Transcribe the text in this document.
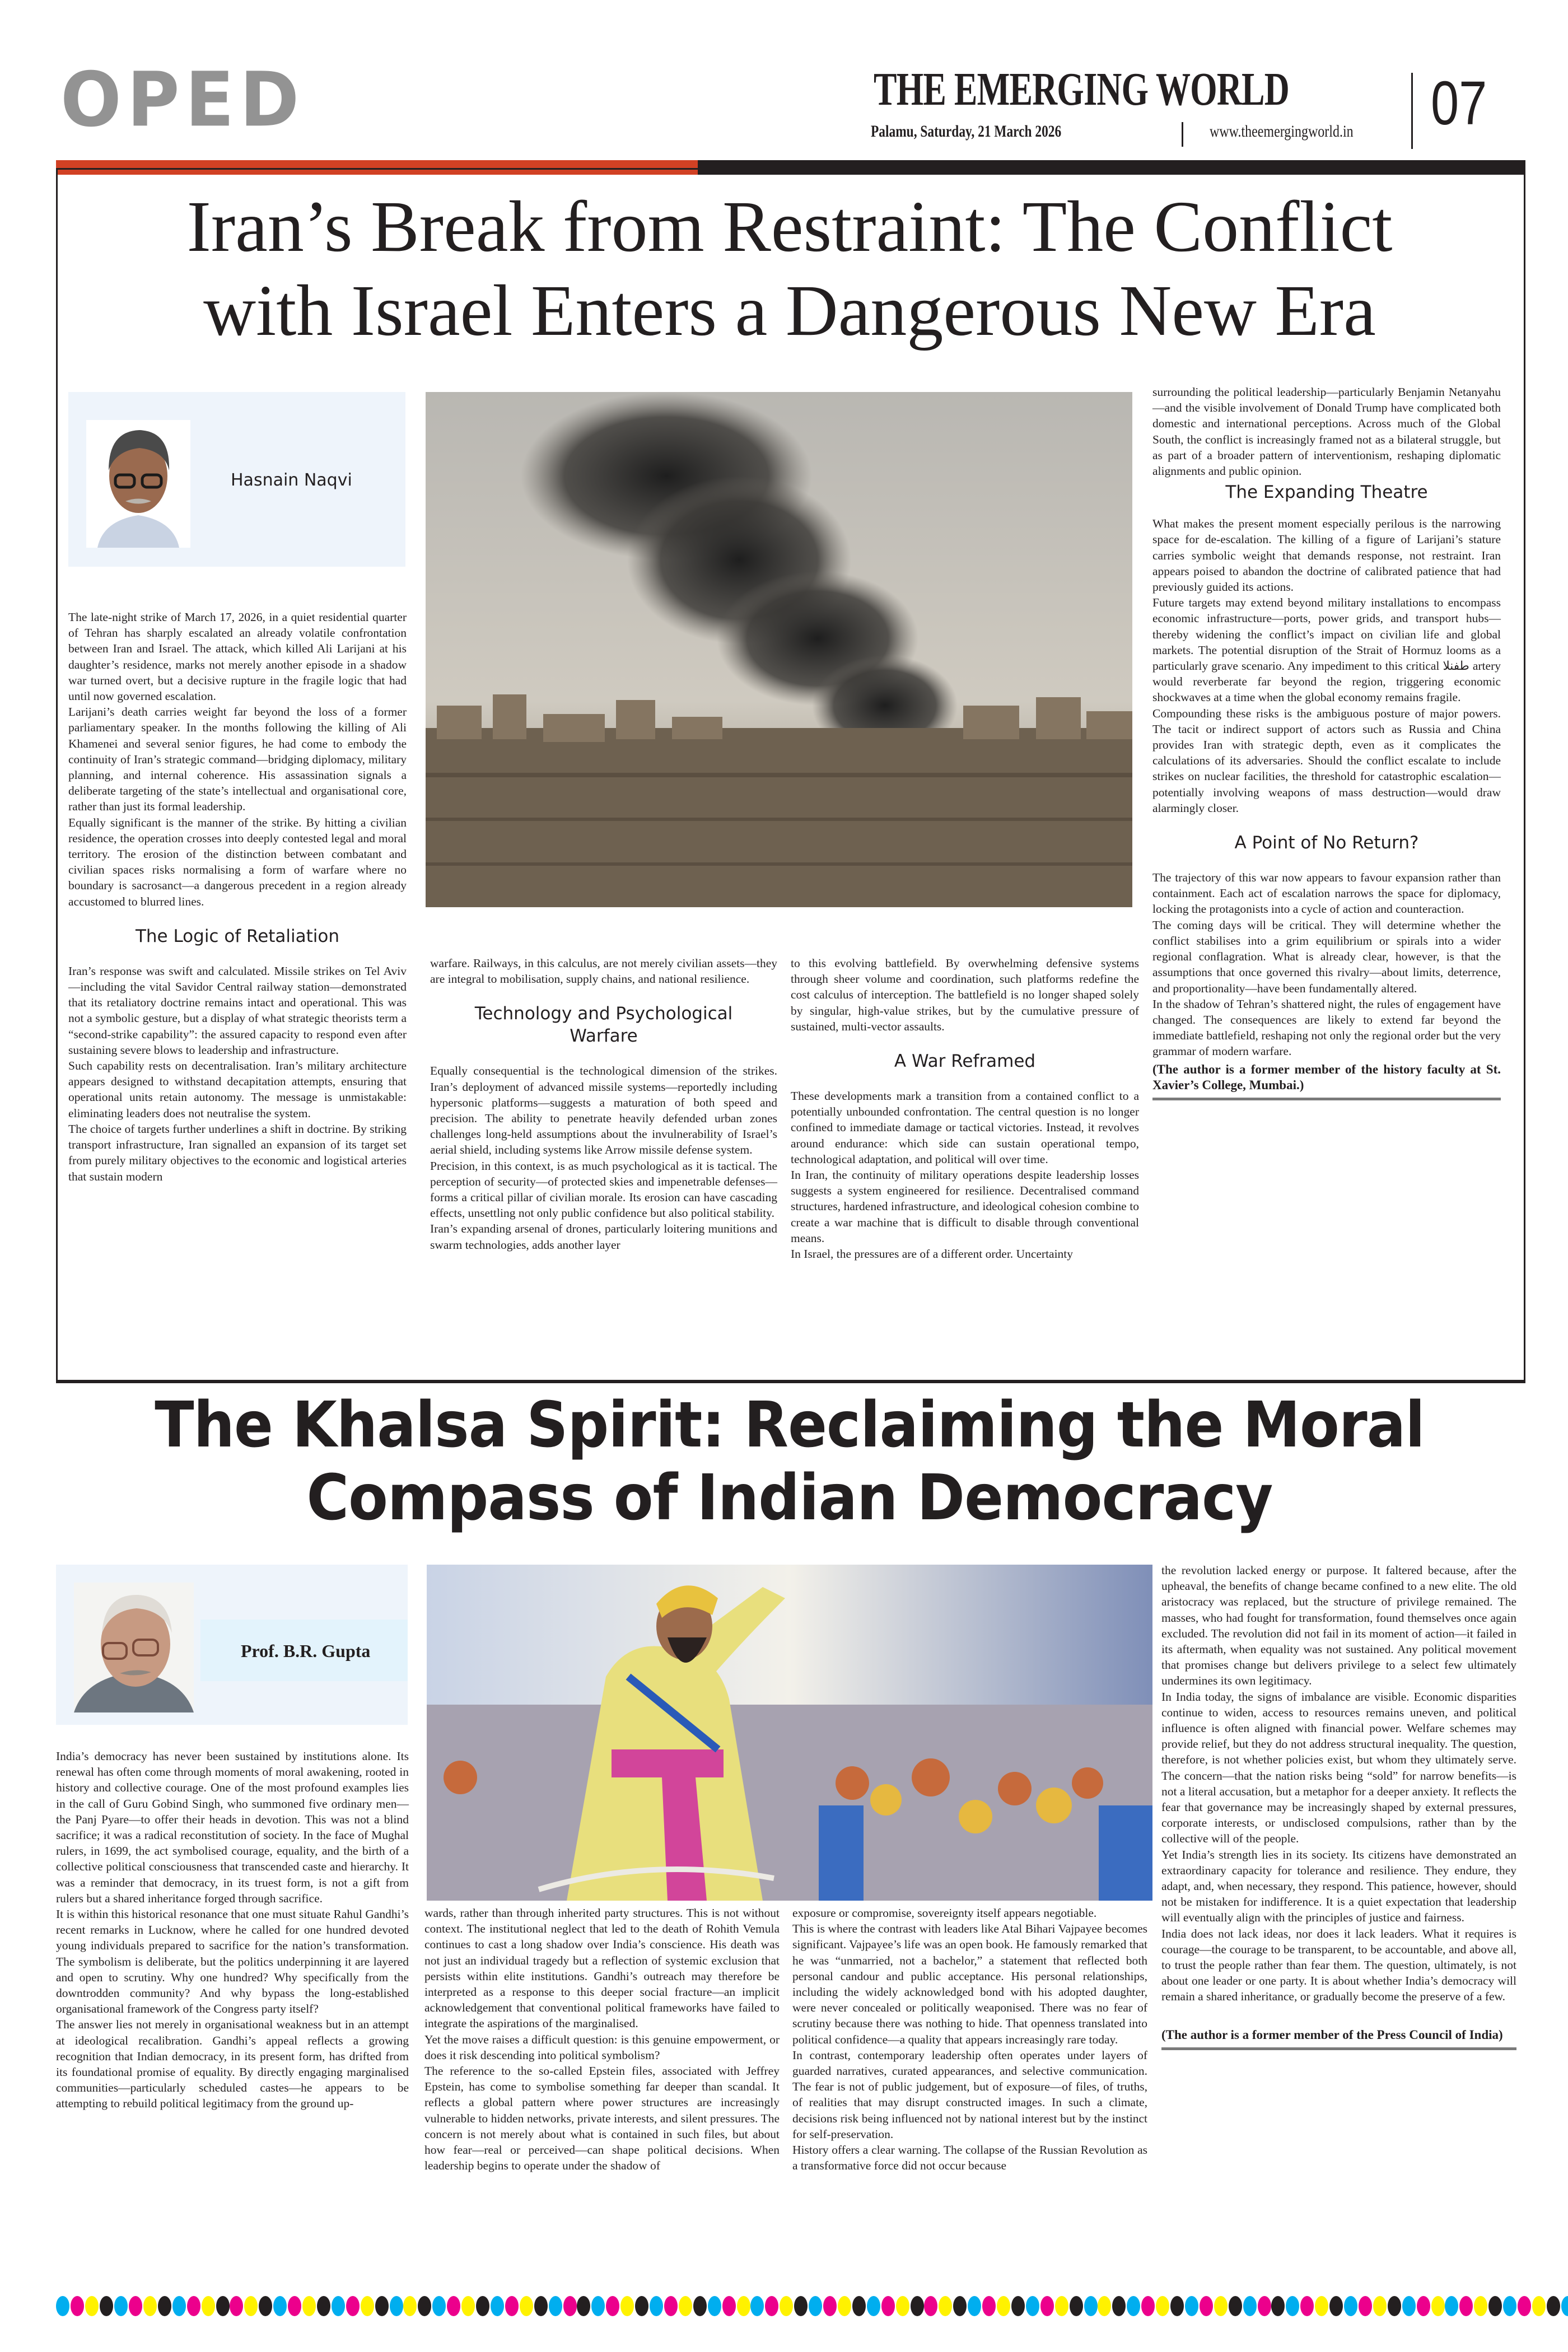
OPED	THE EMERGING WORLD
Palamu, Saturday, 21 March 2026	www.theemergingworld.in 07
Iran’s Break from Restraint: The Conflict
with Israel Enters a Dangerous New Era
Hasnain Naqvi

The late-night strike of March 17, 2026, in a quiet residential quarter of Tehran has sharply escalated an already volatile confrontation between Iran and Israel. The attack, which killed Ali Larijani at his daughter’s residence, marks not merely another episode in a shadow war turned overt, but a decisive rupture in the fragile logic that had until now governed escalation.

Larijani’s death carries weight far beyond the loss of a former parliamentary speaker. In the months following the killing of Ali Khamenei and several senior figures, he had come to embody the continuity of Iran’s strategic command—bridging diplomacy, military planning, and internal coherence. His assassination signals a deliberate targeting of the state’s intellectual and organisational core, rather than just its formal leadership.

Equally significant is the manner of the strike. By hitting a civilian residence, the operation crosses into deeply contested legal and moral territory. The erosion of the distinction between combatant and civilian spaces risks normalising a form of warfare where no boundary is sacrosanct—a dangerous precedent in a region already accustomed to blurred lines.

The Logic of Retaliation

Iran’s response was swift and calculated. Missile strikes on Tel Aviv—including the vital Savidor Central railway station—demonstrated that its retaliatory doctrine remains intact and operational. This was not a symbolic gesture, but a display of what strategic theorists term a “second-strike capability”: the assured capacity to respond even after sustaining severe blows to leadership and infrastructure.

Such capability rests on decentralisation. Iran’s military architecture appears designed to withstand decapitation attempts, ensuring that operational units retain autonomy. The message is unmistakable: eliminating leaders does not neutralise the system.

The choice of targets further underlines a shift in doctrine. By striking transport infrastructure, Iran signalled an expansion of its target set from purely military objectives to the economic and logistical arteries that sustain modern

warfare. Railways, in this calculus, are not merely civilian assets—they are integral to mobilisation, supply chains, and national resilience.

Technology and Psychological Warfare

Equally consequential is the technological dimension of the strikes. Iran’s deployment of advanced missile systems—reportedly including hypersonic platforms—suggests a maturation of both speed and precision. The ability to penetrate heavily defended urban zones challenges long-held assumptions about the invulnerability of Israel’s aerial shield, including systems like Arrow missile defense system.

Precision, in this context, is as much psychological as it is tactical. The perception of security—of protected skies and impenetrable defenses—forms a critical pillar of civilian morale. Its erosion can have cascading effects, unsettling not only public confidence but also political stability.

Iran’s expanding arsenal of drones, particularly loitering munitions and swarm technologies, adds another layer

to this evolving battlefield. By overwhelming defensive systems through sheer volume and coordination, such platforms redefine the cost calculus of interception. The battlefield is no longer shaped solely by singular, high-value strikes, but by the cumulative pressure of sustained, multi-vector assaults.

A War Reframed

These developments mark a transition from a contained conflict to a potentially unbounded confrontation. The central question is no longer confined to immediate damage or tactical victories. Instead, it revolves around endurance: which side can sustain operational tempo, technological adaptation, and political will over time.

In Iran, the continuity of military operations despite leadership losses suggests a system engineered for resilience. Decentralised command structures, hardened infrastructure, and ideological cohesion combine to create a war machine that is difficult to disable through conventional means.

In Israel, the pressures are of a different order. Uncertainty

surrounding the political leadership—particularly Benjamin Netanyahu—and the visible involvement of Donald Trump have complicated both domestic and international perceptions. Across much of the Global South, the conflict is increasingly framed not as a bilateral struggle, but as part of a broader pattern of interventionism, reshaping diplomatic alignments and public opinion.

The Expanding Theatre

What makes the present moment especially perilous is the narrowing space for de-escalation. The killing of a figure of Larijani’s stature carries symbolic weight that demands response, not restraint. Iran appears poised to abandon the doctrine of calibrated patience that had previously guided its actions.

Future targets may extend beyond military installations to encompass economic infrastructure—ports, power grids, and transport hubs—thereby widening the conflict’s impact on civilian life and global markets. The potential disruption of the Strait of Hormuz looms as a particularly grave scenario. Any impediment to this critical طفنلا artery would reverberate far beyond the region, triggering economic shockwaves at a time when the global economy remains fragile.

Compounding these risks is the ambiguous posture of major powers. The tacit or indirect support of actors such as Russia and China provides Iran with strategic depth, even as it complicates the calculations of its adversaries. Should the conflict escalate to include strikes on nuclear facilities, the threshold for catastrophic escalation—potentially involving weapons of mass destruction—would draw alarmingly closer.

A Point of No Return?

The trajectory of this war now appears to favour expansion rather than containment. Each act of escalation narrows the space for diplomacy, locking the protagonists into a cycle of action and counteraction.

The coming days will be critical. They will determine whether the conflict stabilises into a grim equilibrium or spirals into a wider regional conflagration. What is already clear, however, is that the assumptions that once governed this rivalry—about limits, deterrence, and proportionality—have been fundamentally altered.

In the shadow of Tehran’s shattered night, the rules of engagement have changed. The consequences are likely to extend far beyond the immediate battlefield, reshaping not only the regional order but the very grammar of modern warfare.

(The author is a former member of the history faculty at St. Xavier’s College, Mumbai.)
The Khalsa Spirit: Reclaiming the Moral
Compass of Indian Democracy
Prof. B.R. Gupta

India’s democracy has never been sustained by institutions alone. Its renewal has often come through moments of moral awakening, rooted in history and collective courage. One of the most profound examples lies in the call of Guru Gobind Singh, who summoned five ordinary men—the Panj Pyare—to offer their heads in devotion. This was not a blind sacrifice; it was a radical reconstitution of society. In the face of Mughal rulers, in 1699, the act symbolised courage, equality, and the birth of a collective political consciousness that transcended caste and hierarchy. It was a reminder that democracy, in its truest form, is not a gift from rulers but a shared inheritance forged through sacrifice.

It is within this historical resonance that one must situate Rahul Gandhi’s recent remarks in Lucknow, where he called for one hundred devoted young individuals prepared to sacrifice for the nation’s transformation. The symbolism is deliberate, but the politics underpinning it are layered and open to scrutiny. Why one hundred? Why specifically from the downtrodden community? And why bypass the long-established organisational framework of the Congress party itself?

The answer lies not merely in organisational weakness but in an attempt at ideological recalibration. Gandhi’s appeal reflects a growing recognition that Indian democracy, in its present form, has drifted from its foundational promise of equality. By directly engaging marginalised communities—particularly scheduled castes—he appears to be attempting to rebuild political legitimacy from the ground up-

wards, rather than through inherited party structures. This is not without context. The institutional neglect that led to the death of Rohith Vemula continues to cast a long shadow over India’s conscience. His death was not just an individual tragedy but a reflection of systemic exclusion that persists within elite institutions. Gandhi’s outreach may therefore be interpreted as a response to this deeper social fracture—an implicit acknowledgement that conventional political frameworks have failed to integrate the aspirations of the marginalised.

Yet the move raises a difficult question: is this genuine empowerment, or does it risk descending into political symbolism?

The reference to the so-called Epstein files, associated with Jeffrey Epstein, has come to symbolise something far deeper than scandal. It reflects a global pattern where power structures are increasingly vulnerable to hidden networks, private interests, and silent pressures. The concern is not merely about what is contained in such files, but about how fear—real or perceived—can shape political decisions. When leadership begins to operate under the shadow of

exposure or compromise, sovereignty itself appears negotiable.

This is where the contrast with leaders like Atal Bihari Vajpayee becomes significant. Vajpayee’s life was an open book. He famously remarked that he was “unmarried, not a bachelor,” a statement that reflected both personal candour and public acceptance. His personal relationships, including the widely acknowledged bond with his adopted daughter, were never concealed or politically weaponised. There was no fear of scrutiny because there was nothing to hide. That openness translated into political confidence—a quality that appears increasingly rare today.

In contrast, contemporary leadership often operates under layers of guarded narratives, curated appearances, and selective communication. The fear is not of public judgement, but of exposure—of files, of truths, of realities that may disrupt constructed images. In such a climate, decisions risk being influenced not by national interest but by the instinct for self-preservation.

History offers a clear warning. The collapse of the Russian Revolution as a transformative force did not occur because

the revolution lacked energy or purpose. It faltered because, after the upheaval, the benefits of change became confined to a new elite. The old aristocracy was replaced, but the structure of privilege remained. The masses, who had fought for transformation, found themselves once again excluded. The revolution did not fail in its moment of action—it failed in its aftermath, when equality was not sustained. Any political movement that promises change but delivers privilege to a select few ultimately undermines its own legitimacy.

In India today, the signs of imbalance are visible. Economic disparities continue to widen, access to resources remains uneven, and political influence is often aligned with financial power. Welfare schemes may provide relief, but they do not address structural inequality. The question, therefore, is not whether policies exist, but whom they ultimately serve. The concern—that the nation risks being “sold” for narrow benefits—is not a literal accusation, but a metaphor for a deeper anxiety. It reflects the fear that governance may be increasingly shaped by external pressures, corporate interests, or undisclosed compulsions, rather than by the collective will of the people.

Yet India’s strength lies in its society. Its citizens have demonstrated an extraordinary capacity for tolerance and resilience. They endure, they adapt, and, when necessary, they respond. This patience, however, should not be mistaken for indifference. It is a quiet expectation that leadership will eventually align with the principles of justice and fairness.

India does not lack ideas, nor does it lack leaders. What it requires is courage—the courage to be transparent, to be accountable, and above all, to trust the people rather than fear them. The question, ultimately, is not about one leader or one party. It is about whether India’s democracy will remain a shared inheritance, or gradually become the preserve of a few.

(The author is a former member of the Press Council of India)
